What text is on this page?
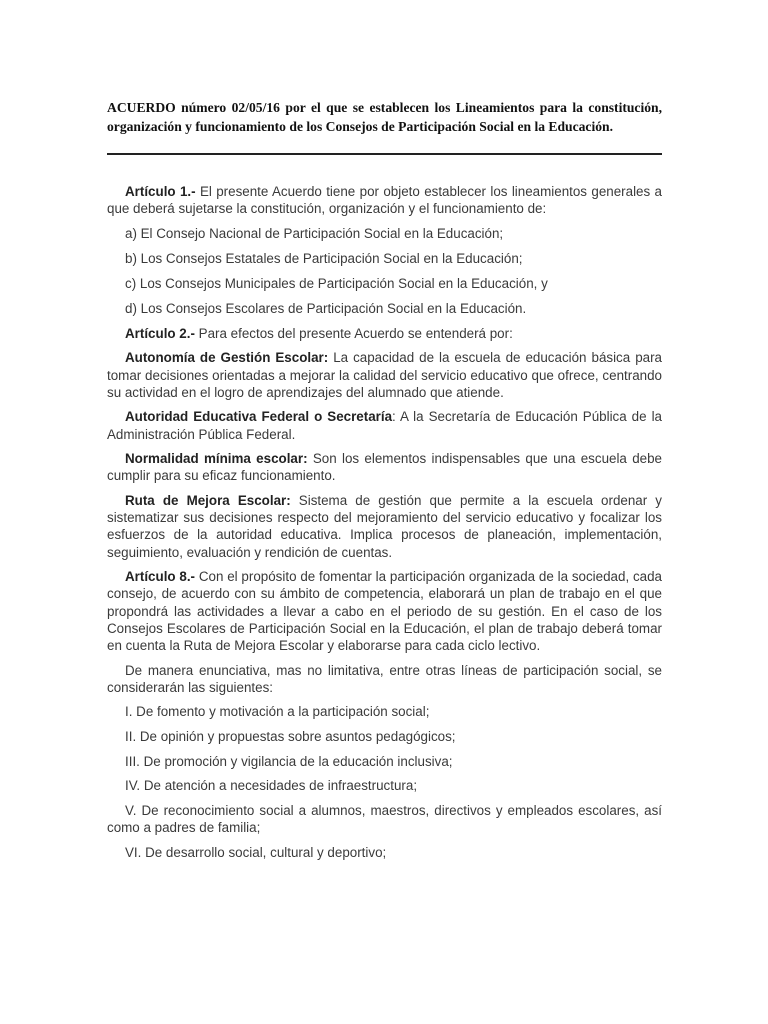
ACUERDO número 02/05/16 por el que se establecen los Lineamientos para la constitución, organización y funcionamiento de los Consejos de Participación Social en la Educación.

Artículo 1.- El presente Acuerdo tiene por objeto establecer los lineamientos generales a que deberá sujetarse la constitución, organización y el funcionamiento de:

a) El Consejo Nacional de Participación Social en la Educación;

b) Los Consejos Estatales de Participación Social en la Educación;

c) Los Consejos Municipales de Participación Social en la Educación, y

d) Los Consejos Escolares de Participación Social en la Educación.

Artículo 2.- Para efectos del presente Acuerdo se entenderá por:

Autonomía de Gestión Escolar: La capacidad de la escuela de educación básica para tomar decisiones orientadas a mejorar la calidad del servicio educativo que ofrece, centrando su actividad en el logro de aprendizajes del alumnado que atiende.

Autoridad Educativa Federal o Secretaría: A la Secretaría de Educación Pública de la Administración Pública Federal.

Normalidad mínima escolar: Son los elementos indispensables que una escuela debe cumplir para su eficaz funcionamiento.

Ruta de Mejora Escolar: Sistema de gestión que permite a la escuela ordenar y sistematizar sus decisiones respecto del mejoramiento del servicio educativo y focalizar los esfuerzos de la autoridad educativa. Implica procesos de planeación, implementación, seguimiento, evaluación y rendición de cuentas.

Artículo 8.- Con el propósito de fomentar la participación organizada de la sociedad, cada consejo, de acuerdo con su ámbito de competencia, elaborará un plan de trabajo en el que propondrá las actividades a llevar a cabo en el periodo de su gestión. En el caso de los Consejos Escolares de Participación Social en la Educación, el plan de trabajo deberá tomar en cuenta la Ruta de Mejora Escolar y elaborarse para cada ciclo lectivo.

De manera enunciativa, mas no limitativa, entre otras líneas de participación social, se considerarán las siguientes:

I. De fomento y motivación a la participación social;

II. De opinión y propuestas sobre asuntos pedagógicos;

III. De promoción y vigilancia de la educación inclusiva;

IV. De atención a necesidades de infraestructura;

V. De reconocimiento social a alumnos, maestros, directivos y empleados escolares, así como a padres de familia;

VI. De desarrollo social, cultural y deportivo;
